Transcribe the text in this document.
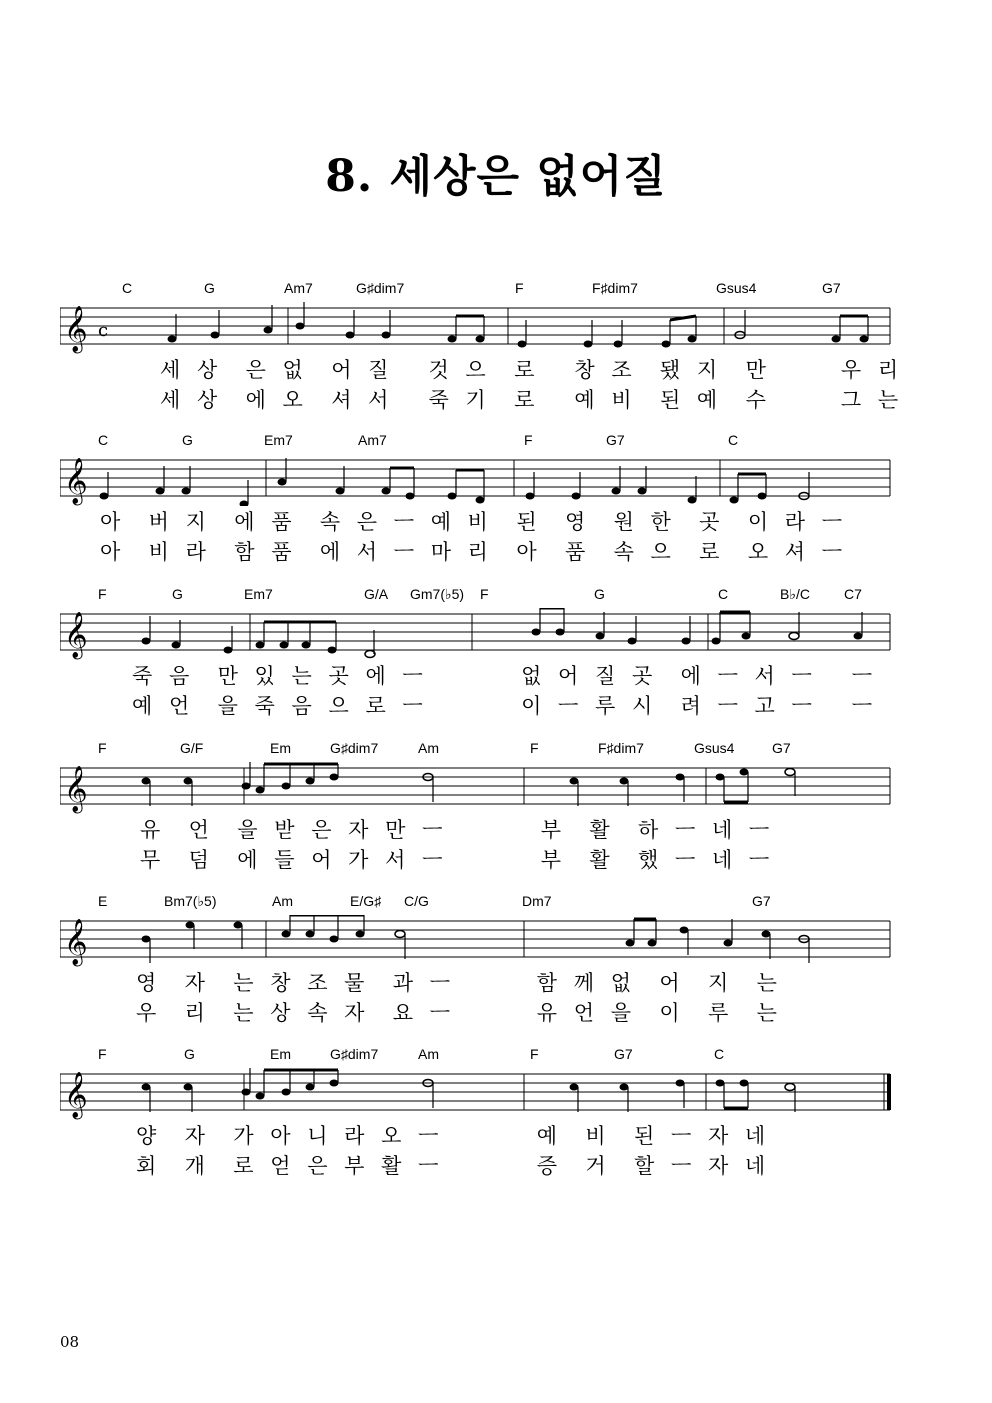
8. 세상은 없어질
C	G	Am7	G♯dim7	F	F♯dim7	Gsus4	G7
𝄞 c
세 상  은 없  어 질   것 으  로   창 조  됐 지  만      우 리
세 상  에 오  셔 서   죽 기  로   예 비  된 예  수      그 는
C	G	Em7	Am7	F	G7	C
𝄞
아  버 지  에 품  속 은 ㅡ 예 비  된  영  원 한  곳  이 라 ㅡ
아  비 라  함 품  에 서 ㅡ 마 리  아  품  속 으  로  오 셔 ㅡ
F	G	Em7	G/A Gm7(♭5) F	G	C	B♭/C C7
𝄞
죽 음  만 있 는 곳 에 ㅡ        없 어 질 곳  에 ㅡ 서 ㅡ   ㅡ
예 언  을 죽 음 으 로 ㅡ        이 ㅡ 루 시  려 ㅡ 고 ㅡ   ㅡ
F	G/F	Em	G♯dim7	Am	F	F♯dim7	Gsus4	G7
𝄞
유  언  을 받 은 자 만 ㅡ        부  활  하 ㅡ 네 ㅡ
무  덤  에 들 어 가 서 ㅡ        부  활  했 ㅡ 네 ㅡ
E	Bm7(♭5)	Am	E/G♯ C/G	Dm7	G7
𝄞
영  자  는 창 조 물  과 ㅡ       함 께 없  어  지  는
우  리  는 상 속 자  요 ㅡ       유 언 을  이  루  는
F	G	Em	G♯dim7	Am	F	G7	C
𝄞
양  자  가 아 니 라 오 ㅡ        예  비  된 ㅡ 자 네
회  개  로 얻 은 부 활 ㅡ        증  거  할 ㅡ 자 네
08
